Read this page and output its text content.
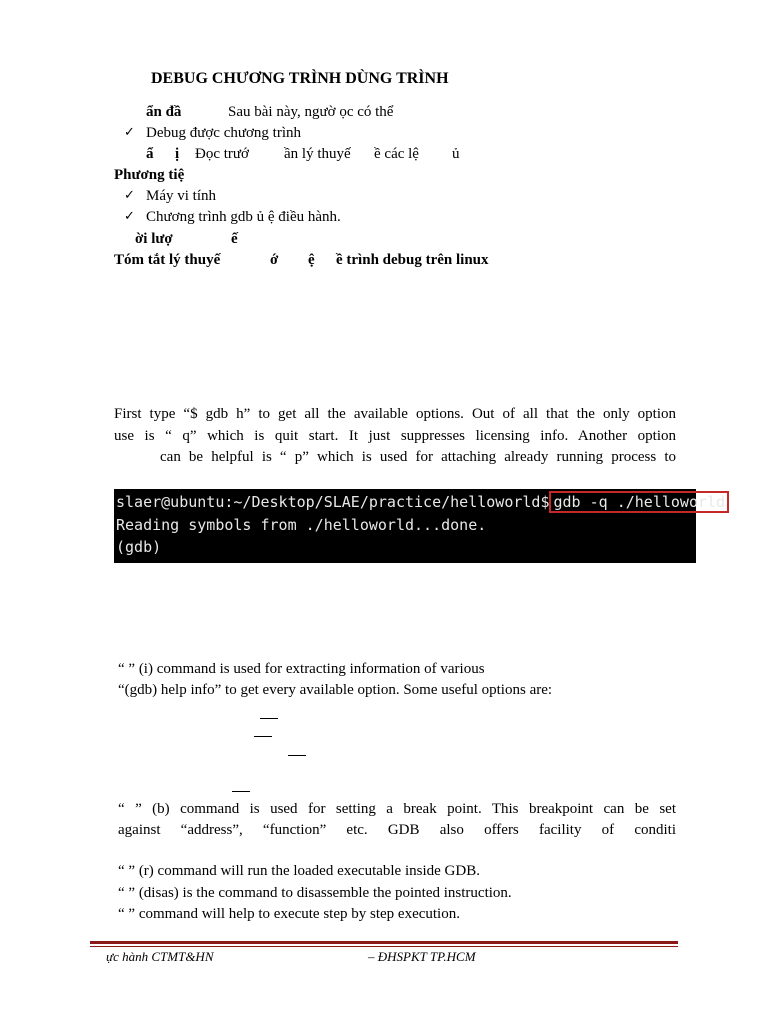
DEBUG CHƯƠNG TRÌNH DÙNG TRÌNH
ẩn đầ	Sau bài này, ngườ ọc có thể
✓ Debug được chương trình
ẩ ị Đọc trướ ần lý thuyế ề các lệ ủ
Phương tiệ
✓ Máy vi tính
✓ Chương trình gdb ủ ệ điều hành.
ời lượ	ế
Tóm tắt lý thuyế	ớ ệ ề trình debug trên linux
First type “$ gdb h” to get all the available options. Out of all that the only option
use is “ q” which is quit start. It just suppresses licensing info. Another option
can be helpful is “ p” which is used for attaching already running process to
slaer@ubuntu:~/Desktop/SLAE/practice/helloworld$ gdb -q ./helloworld
Reading symbols from ./helloworld...done.
(gdb)
“ ” (i) command is used for extracting information of various
“(gdb) help info” to get every available option. Some useful options are:
“ ” (b) command is used for setting a break point. This breakpoint can be set
against “address”, “function” etc. GDB also offers facility of conditi
“ ” (r) command will run the loaded executable inside GDB.
“ ” (disas) is the command to disassemble the pointed instruction.
“ ” command will help to execute step by step execution.
ực hành CTMT&HN	– ĐHSPKT TP.HCM
